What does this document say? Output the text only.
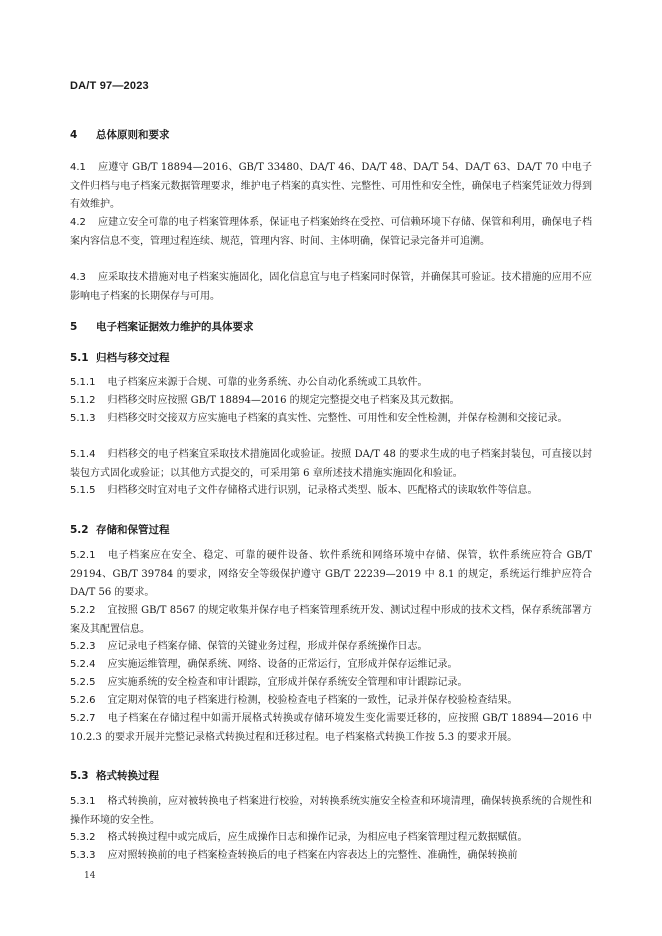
DA/T 97—2023
4 总体原则和要求
4.1 应遵守 GB/T 18894—2016、GB/T 33480、DA/T 46、DA/T 48、DA/T 54、DA/T 63、DA/T 70 中电子文件归档与电子档案元数据管理要求，维护电子档案的真实性、完整性、可用性和安全性，确保电子档案凭证效力得到有效维护。
4.2 应建立安全可靠的电子档案管理体系，保证电子档案始终在受控、可信赖环境下存储、保管和利用，确保电子档案内容信息不变，管理过程连续、规范，管理内容、时间、主体明确，保管记录完备并可追溯。
4.3 应采取技术措施对电子档案实施固化，固化信息宜与电子档案同时保管，并确保其可验证。技术措施的应用不应影响电子档案的长期保存与可用。
5 电子档案证据效力维护的具体要求
5.1 归档与移交过程
5.1.1 电子档案应来源于合规、可靠的业务系统、办公自动化系统或工具软件。
5.1.2 归档移交时应按照 GB/T 18894—2016 的规定完整提交电子档案及其元数据。
5.1.3 归档移交时交接双方应实施电子档案的真实性、完整性、可用性和安全性检测，并保存检测和交接记录。
5.1.4 归档移交的电子档案宜采取技术措施固化或验证。按照 DA/T 48 的要求生成的电子档案封装包，可直接以封装包方式固化或验证；以其他方式提交的，可采用第 6 章所述技术措施实施固化和验证。
5.1.5 归档移交时宜对电子文件存储格式进行识别，记录格式类型、版本、匹配格式的读取软件等信息。
5.2 存储和保管过程
5.2.1 电子档案应在安全、稳定、可靠的硬件设备、软件系统和网络环境中存储、保管，软件系统应符合 GB/T 29194、GB/T 39784 的要求，网络安全等级保护遵守 GB/T 22239—2019 中 8.1 的规定，系统运行维护应符合 DA/T 56 的要求。
5.2.2 宜按照 GB/T 8567 的规定收集并保存电子档案管理系统开发、测试过程中形成的技术文档，保存系统部署方案及其配置信息。
5.2.3 应记录电子档案存储、保管的关键业务过程，形成并保存系统操作日志。
5.2.4 应实施运维管理，确保系统、网络、设备的正常运行，宜形成并保存运维记录。
5.2.5 应实施系统的安全检查和审计跟踪，宜形成并保存系统安全管理和审计跟踪记录。
5.2.6 宜定期对保管的电子档案进行检测，校验检查电子档案的一致性，记录并保存校验检查结果。
5.2.7 电子档案在存储过程中如需开展格式转换或存储环境发生变化需要迁移的，应按照 GB/T 18894—2016 中 10.2.3 的要求开展并完整记录格式转换过程和迁移过程。电子档案格式转换工作按 5.3 的要求开展。
5.3 格式转换过程
5.3.1 格式转换前，应对被转换电子档案进行校验，对转换系统实施安全检查和环境清理，确保转换系统的合规性和操作环境的安全性。
5.3.2 格式转换过程中或完成后，应生成操作日志和操作记录，为相应电子档案管理过程元数据赋值。
5.3.3 应对照转换前的电子档案检查转换后的电子档案在内容表达上的完整性、准确性，确保转换前
14
